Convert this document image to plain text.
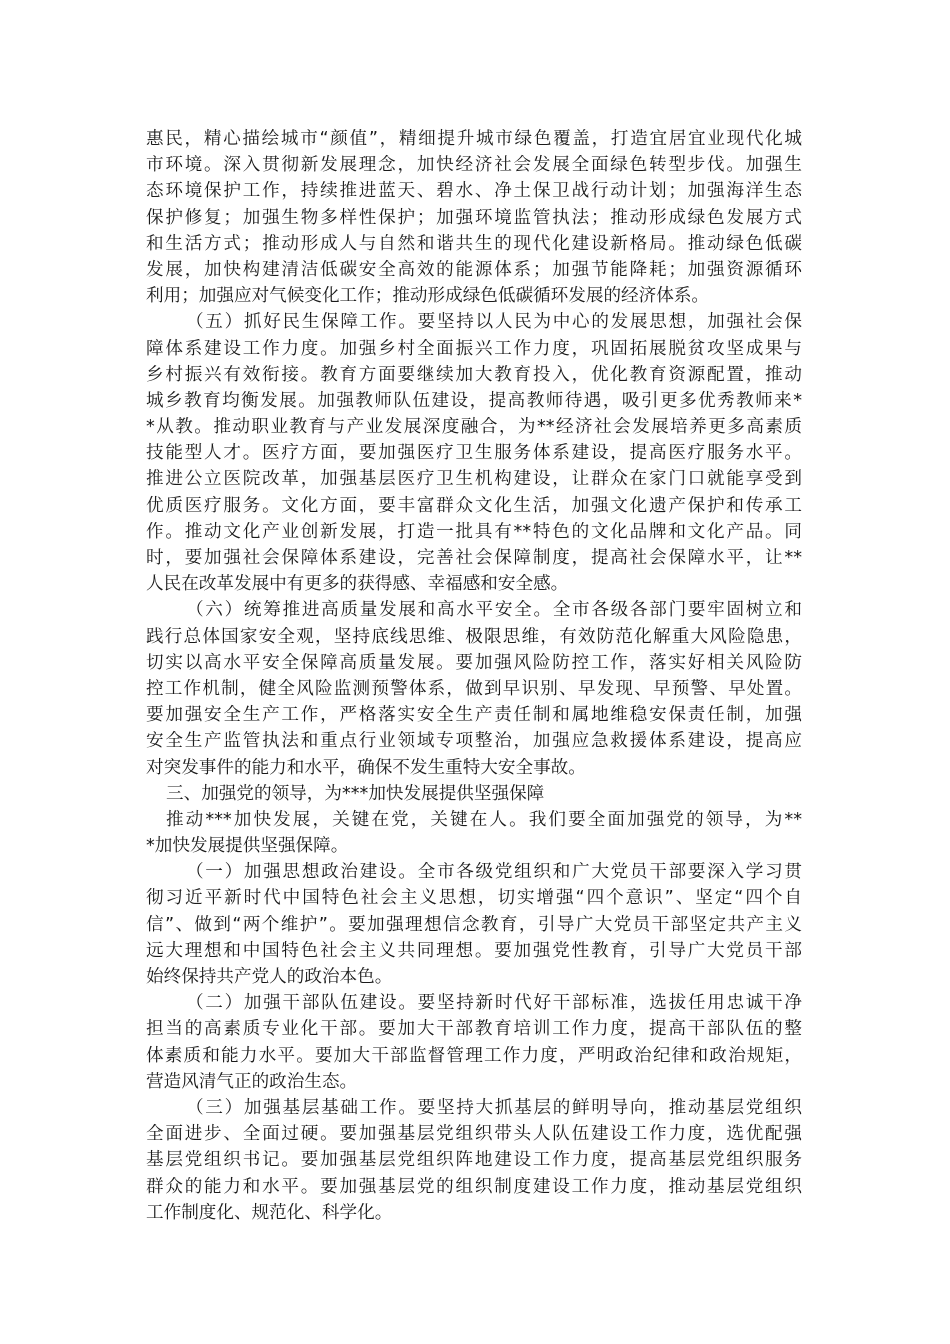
惠民，精心描绘城市“颜值”，精细提升城市绿色覆盖，打造宜居宜业现代化城
市环境。深入贯彻新发展理念，加快经济社会发展全面绿色转型步伐。加强生
态环境保护工作，持续推进蓝天、碧水、净土保卫战行动计划；加强海洋生态
保护修复；加强生物多样性保护；加强环境监管执法；推动形成绿色发展方式
和生活方式；推动形成人与自然和谐共生的现代化建设新格局。推动绿色低碳
发展，加快构建清洁低碳安全高效的能源体系；加强节能降耗；加强资源循环
利用；加强应对气候变化工作；推动形成绿色低碳循环发展的经济体系。
（五）抓好民生保障工作。要坚持以人民为中心的发展思想，加强社会保
障体系建设工作力度。加强乡村全面振兴工作力度，巩固拓展脱贫攻坚成果与
乡村振兴有效衔接。教育方面要继续加大教育投入，优化教育资源配置，推动
城乡教育均衡发展。加强教师队伍建设，提高教师待遇，吸引更多优秀教师来*
*从教。推动职业教育与产业发展深度融合，为**经济社会发展培养更多高素质
技能型人才。医疗方面，要加强医疗卫生服务体系建设，提高医疗服务水平。
推进公立医院改革，加强基层医疗卫生机构建设，让群众在家门口就能享受到
优质医疗服务。文化方面，要丰富群众文化生活，加强文化遗产保护和传承工
作。推动文化产业创新发展，打造一批具有**特色的文化品牌和文化产品。同
时，要加强社会保障体系建设，完善社会保障制度，提高社会保障水平，让**
人民在改革发展中有更多的获得感、幸福感和安全感。
（六）统筹推进高质量发展和高水平安全。全市各级各部门要牢固树立和
践行总体国家安全观，坚持底线思维、极限思维，有效防范化解重大风险隐患，
切实以高水平安全保障高质量发展。要加强风险防控工作，落实好相关风险防
控工作机制，健全风险监测预警体系，做到早识别、早发现、早预警、早处置。
要加强安全生产工作，严格落实安全生产责任制和属地维稳安保责任制，加强
安全生产监管执法和重点行业领域专项整治，加强应急救援体系建设，提高应
对突发事件的能力和水平，确保不发生重特大安全事故。
三、加强党的领导，为***加快发展提供坚强保障
推动***加快发展，关键在党，关键在人。我们要全面加强党的领导，为**
*加快发展提供坚强保障。
（一）加强思想政治建设。全市各级党组织和广大党员干部要深入学习贯
彻习近平新时代中国特色社会主义思想，切实增强“四个意识”、坚定“四个自
信”、做到“两个维护”。要加强理想信念教育，引导广大党员干部坚定共产主义
远大理想和中国特色社会主义共同理想。要加强党性教育，引导广大党员干部
始终保持共产党人的政治本色。
（二）加强干部队伍建设。要坚持新时代好干部标准，选拔任用忠诚干净
担当的高素质专业化干部。要加大干部教育培训工作力度，提高干部队伍的整
体素质和能力水平。要加大干部监督管理工作力度，严明政治纪律和政治规矩，
营造风清气正的政治生态。
（三）加强基层基础工作。要坚持大抓基层的鲜明导向，推动基层党组织
全面进步、全面过硬。要加强基层党组织带头人队伍建设工作力度，选优配强
基层党组织书记。要加强基层党组织阵地建设工作力度，提高基层党组织服务
群众的能力和水平。要加强基层党的组织制度建设工作力度，推动基层党组织
工作制度化、规范化、科学化。
